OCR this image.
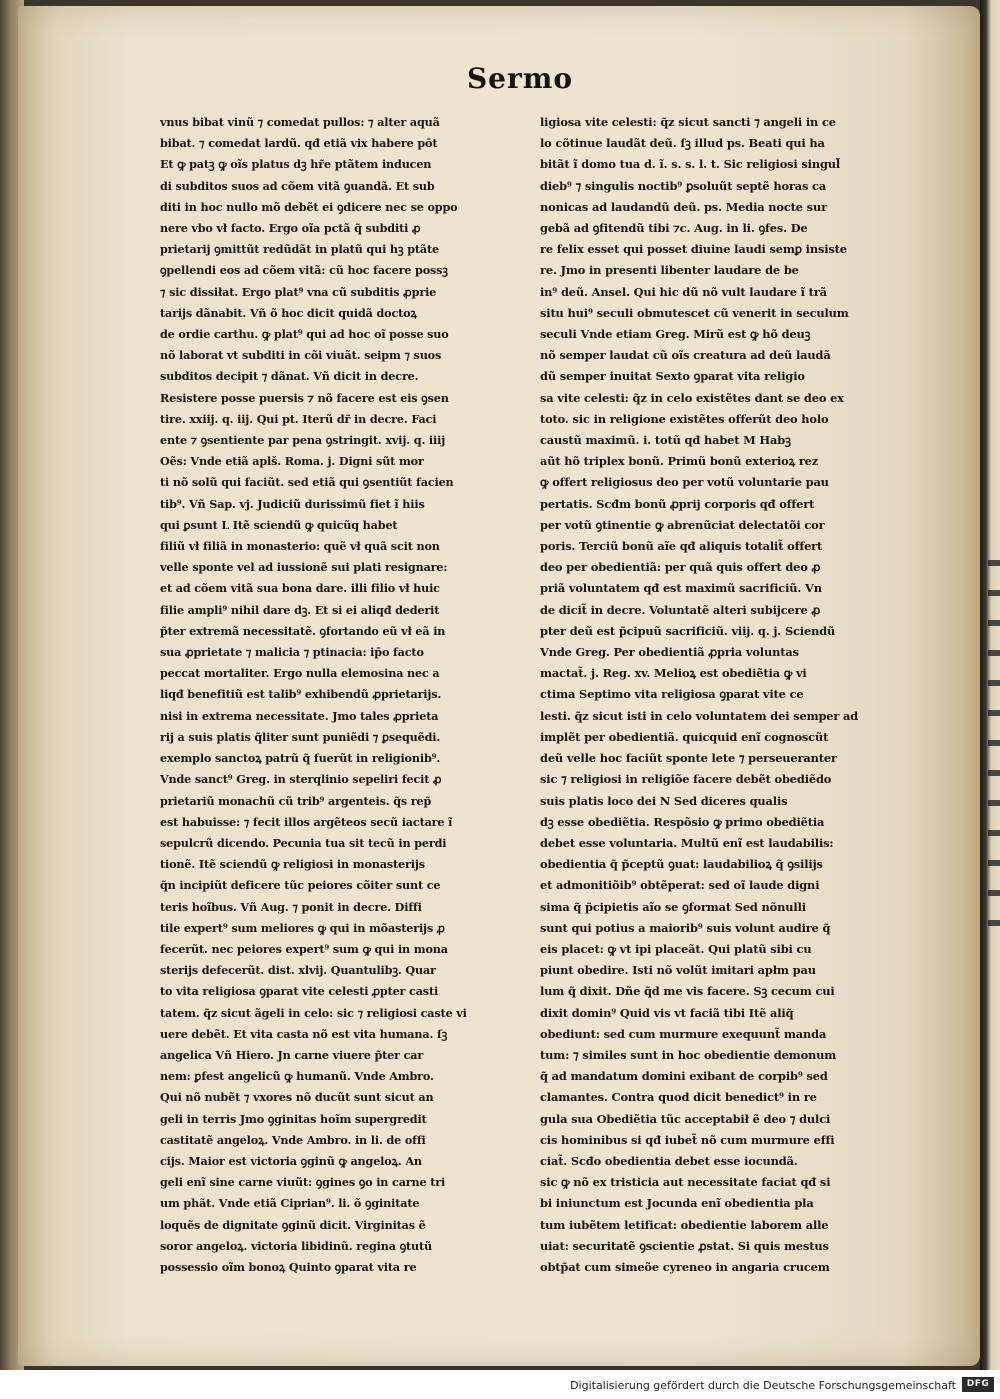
Sermo
vnus bibat vinũ ⁊ comedat pullos: ⁊ alter aquã
bibat. ⁊ comedat lardũ. qđ etiã vix habere pōt
Et ꝙ patꝫ ꝙ oĩs platus dꝫ hr̃e ptãtem inducen
di subditos suos ad cõem vitã ꝯuandã. Et sub
diti in hoc nullo mõ debẽt ei ꝯdicere nec se oppo
nere vbo vł facto. Ergo oĩa pctã q̃ subditi ꝓ
prietarij ꝯmittũt redũdãt in platũ qui hꝫ ptãte
ꝯpellendi eos ad cõem vitã: cũ hoc facere possꝫ
⁊ sic dissiłat. Ergo plat⁹ vna cũ subditis ꝓprie
tarijs dãnabit. Vñ õ hoc dicit quidã doctoꝝ
de ordie carthu. ꝙ plat⁹ qui ad hoc oĩ posse suo
nõ laborat vt subditi in cõi viuãt. seipm ⁊ suos
subditos decipit ⁊ dãnat. Vñ dicit in decre.
Resistere posse puersis ⁊ nõ facere est eis ꝯsen
tire. xxiij. q. iij. Qui pt. Iterũ dr̃ in decre. Faci
ente ⁊ ꝯsentiente par pena ꝯstringit. xvij. q. iiij
Oẽs: Vnde etiã aplš. Roma. j. Digni sũt mor
ti nõ solũ qui faciũt. sed etiã qui ꝯsentiũt facien
tib⁹. Vñ Sap. vj. Judiciũ durissimũ fiet ĩ hiis
qui ꝑsunt L Itẽ sciendũ ꝙ quicũq habet
filiũ vł filiã in monasterio: quẽ vł quã scit non
velle sponte vel ad iussionẽ sui plati resignare:
et ad cõem vitã sua bona dare. illi filio vł huic
filie ampli⁹ nihil dare dꝫ. Et si ei aliqđ dederit
p̃ter extremã necessitatẽ. ꝯfortando eũ vł eã in
sua ꝓprietate ⁊ malicia ⁊ ptinacia: ip̄o facto
peccat mortaliter. Ergo nulla elemosina nec a
liqđ benefitiũ est talib⁹ exhibendũ ꝓprietarijs.
nisi in extrema necessitate. Jmo tales ꝓprieta
rij a suis platis q̃liter sunt puniẽdi ⁊ ꝑsequẽdi.
exemplo sanctoꝝ patrũ q̃ fuerũt in religionib⁹.
Vnde sanct⁹ Greg. in sterqlinio sepeliri fecit ꝓ
prietariũ monachũ cũ trib⁹ argenteis. q̃s rep̃
est habuisse: ⁊ fecit illos argẽteos secũ iactare ĩ
sepulcrũ dicendo. Pecunia tua sit tecũ in perdi
tionẽ. Itẽ sciendũ ꝙ religiosi in monasterijs
q̃n incipiũt deficere tũc peiores cõiter sunt ce
teris hoĩbus. Vñ Aug. ⁊ ponit in decre. Diffi
tile expert⁹ sum meliores ꝙ qui in mõasterijs ꝓ
fecerũt. nec peiores expert⁹ sum ꝙ qui in mona
sterijs defecerũt. dist. xlvij. Quantulibꝫ. Quar
to vita religiosa ꝯparat vite celesti ꝓpter casti
tatem. q̃z sicut ãgeli in celo: sic ⁊ religiosi caste vi
uere debẽt. Et vita casta nõ est vita humana. ſꝫ
angelica Vñ Hiero. Jn carne viuere p̃ter car
nem: ꝑfest angelicũ ꝙ humanũ. Vnde Ambro.
Qui nõ nubẽt ⁊ vxores nõ ducũt sunt sicut an
geli in terris Jmo ꝯginitas hoĩm supergredit
castitatẽ angeloꝝ. Vnde Ambro. in li. de offi
cijs. Maior est victoria ꝯginũ ꝙ angeloꝝ. An
geli enĩ sine carne viuũt: ꝯgines ꝯo in carne tri
um phãt. Vnde etiã Ciprian⁹. li. õ ꝯginitate
loquẽs de dignitate ꝯginũ dicit. Virginitas ẽ
soror angeloꝝ. victoria libidinũ. regina ꝯtutũ
possessio oĩm bonoꝝ Quinto ꝯparat vita re
ligiosa vite celesti: q̃z sicut sancti ⁊ angeli in ce
lo cõtinue laudãt deũ. ſꝫ illud ps. Beati qui ha
bitãt ĩ domo tua d. ĩ. s. s. l. t. Sic religiosi singul̃
dieb⁹ ⁊ singulis noctib⁹ ꝑsoluũt septẽ horas ca
nonicas ad laudandũ deũ. ps. Media nocte sur
gebã ad ꝯfitendũ tibi ⁊c. Aug. in li. ꝯfes. De
re felix esset qui posset diuine laudi semꝑ insiste
re. Jmo in presenti libenter laudare de be
in⁹ deũ. Ansel. Qui hic dũ nõ vult laudare ĩ trã
situ hui⁹ seculi obmutescet cũ venerit in seculum
seculi Vnde etiam Greg. Mirũ est ꝙ hõ deuꝫ
nõ semper laudat cũ oĩs creatura ad deũ laudã
dũ semper inuitat Sexto ꝯparat vita religio
sa vite celesti: q̃z in celo existẽtes dant se deo ex
toto. sic in religione existẽtes offerũt deo holo
caustũ maximũ. i. totũ qđ habet M Habꝫ
aũt hõ triplex bonũ. Primũ bonũ exterioꝝ rez
ꝙ offert religiosus deo per votũ voluntarie pau
pertatis. Scđm bonũ ꝓprij corporis qđ offert
per votũ ꝯtinentie ꝙ abrenũciat delectatõi cor
poris. Terciũ bonũ aĩe qđ aliquis totalit̃ offert
deo per obedientiã: per quã quis offert deo ꝓ
priã voluntatem qđ est maximũ sacrificiũ. Vn
de dicit̃ in decre. Voluntatẽ alteri subijcere ꝓ
pter deũ est p̃cipuũ sacrificiũ. viij. q. j. Sciendũ
Vnde Greg. Per obedientiã ꝓpria voluntas
mactat̃. j. Reg. xv. Melioꝝ est obediẽtia ꝙ vi
ctima Septimo vita religiosa ꝯparat vite ce
lesti. q̃z sicut isti in celo voluntatem dei semper ad
implẽt per obedientiã. quicquid enĩ cognoscũt
deũ velle hoc faciũt sponte lete ⁊ perseueranter
sic ⁊ religiosi in religiõe facere debẽt obediẽdo
suis platis loco dei N Sed diceres qualis
dꝫ esse obediẽtia. Respõsio ꝙ primo obediẽtia
debet esse voluntaria. Multũ enĩ est laudabilis:
obedientia q̃ p̃ceptũ ꝯuat: laudabilioꝝ q̃ ꝯsilijs
et admonitiõib⁹ obtẽperat: sed oĩ laude digni
sima q̃ p̃cipietis aĩo se ꝯformat Sed nõnulli
sunt qui potius a maiorib⁹ suis volunt audire q̃
eis placet: ꝙ vt ipi placeãt. Qui platũ sibi cu
piunt obedire. Isti nõ volũt imitari apłm pau
lum q̃ dixit. Dñe q̃d me vis facere. Sꝫ cecum cui
dixit domin⁹ Quid vis vt faciã tibi Itẽ aliq̃
obediunt: sed cum murmure exequunt̃ manda
tum: ⁊ similes sunt in hoc obedientie demonum
q̃ ad mandatum domini exibant de corpib⁹ sed
clamantes. Contra quod dicit benedict⁹ in re
gula sua Obediẽtia tũc acceptabił ẽ deo ⁊ dulci
cis hominibus si qđ iubet̃ nõ cum murmure effi
ciat̃. Scđo obedientia debet esse iocundã.
sic ꝙ nõ ex tristicia aut necessitate faciat qđ si
bi iniunctum est Jocunda enĩ obedientia pla
tum iubẽtem letificat: obedientie laborem alle
uiat: securitatẽ ꝯscientie ꝓstat. Si quis mestus
obtp̃at cum simeõe cyreneo in angaria crucem
Digitalisierung gefördert durch die Deutsche Forschungsgemeinschaft	DFG
